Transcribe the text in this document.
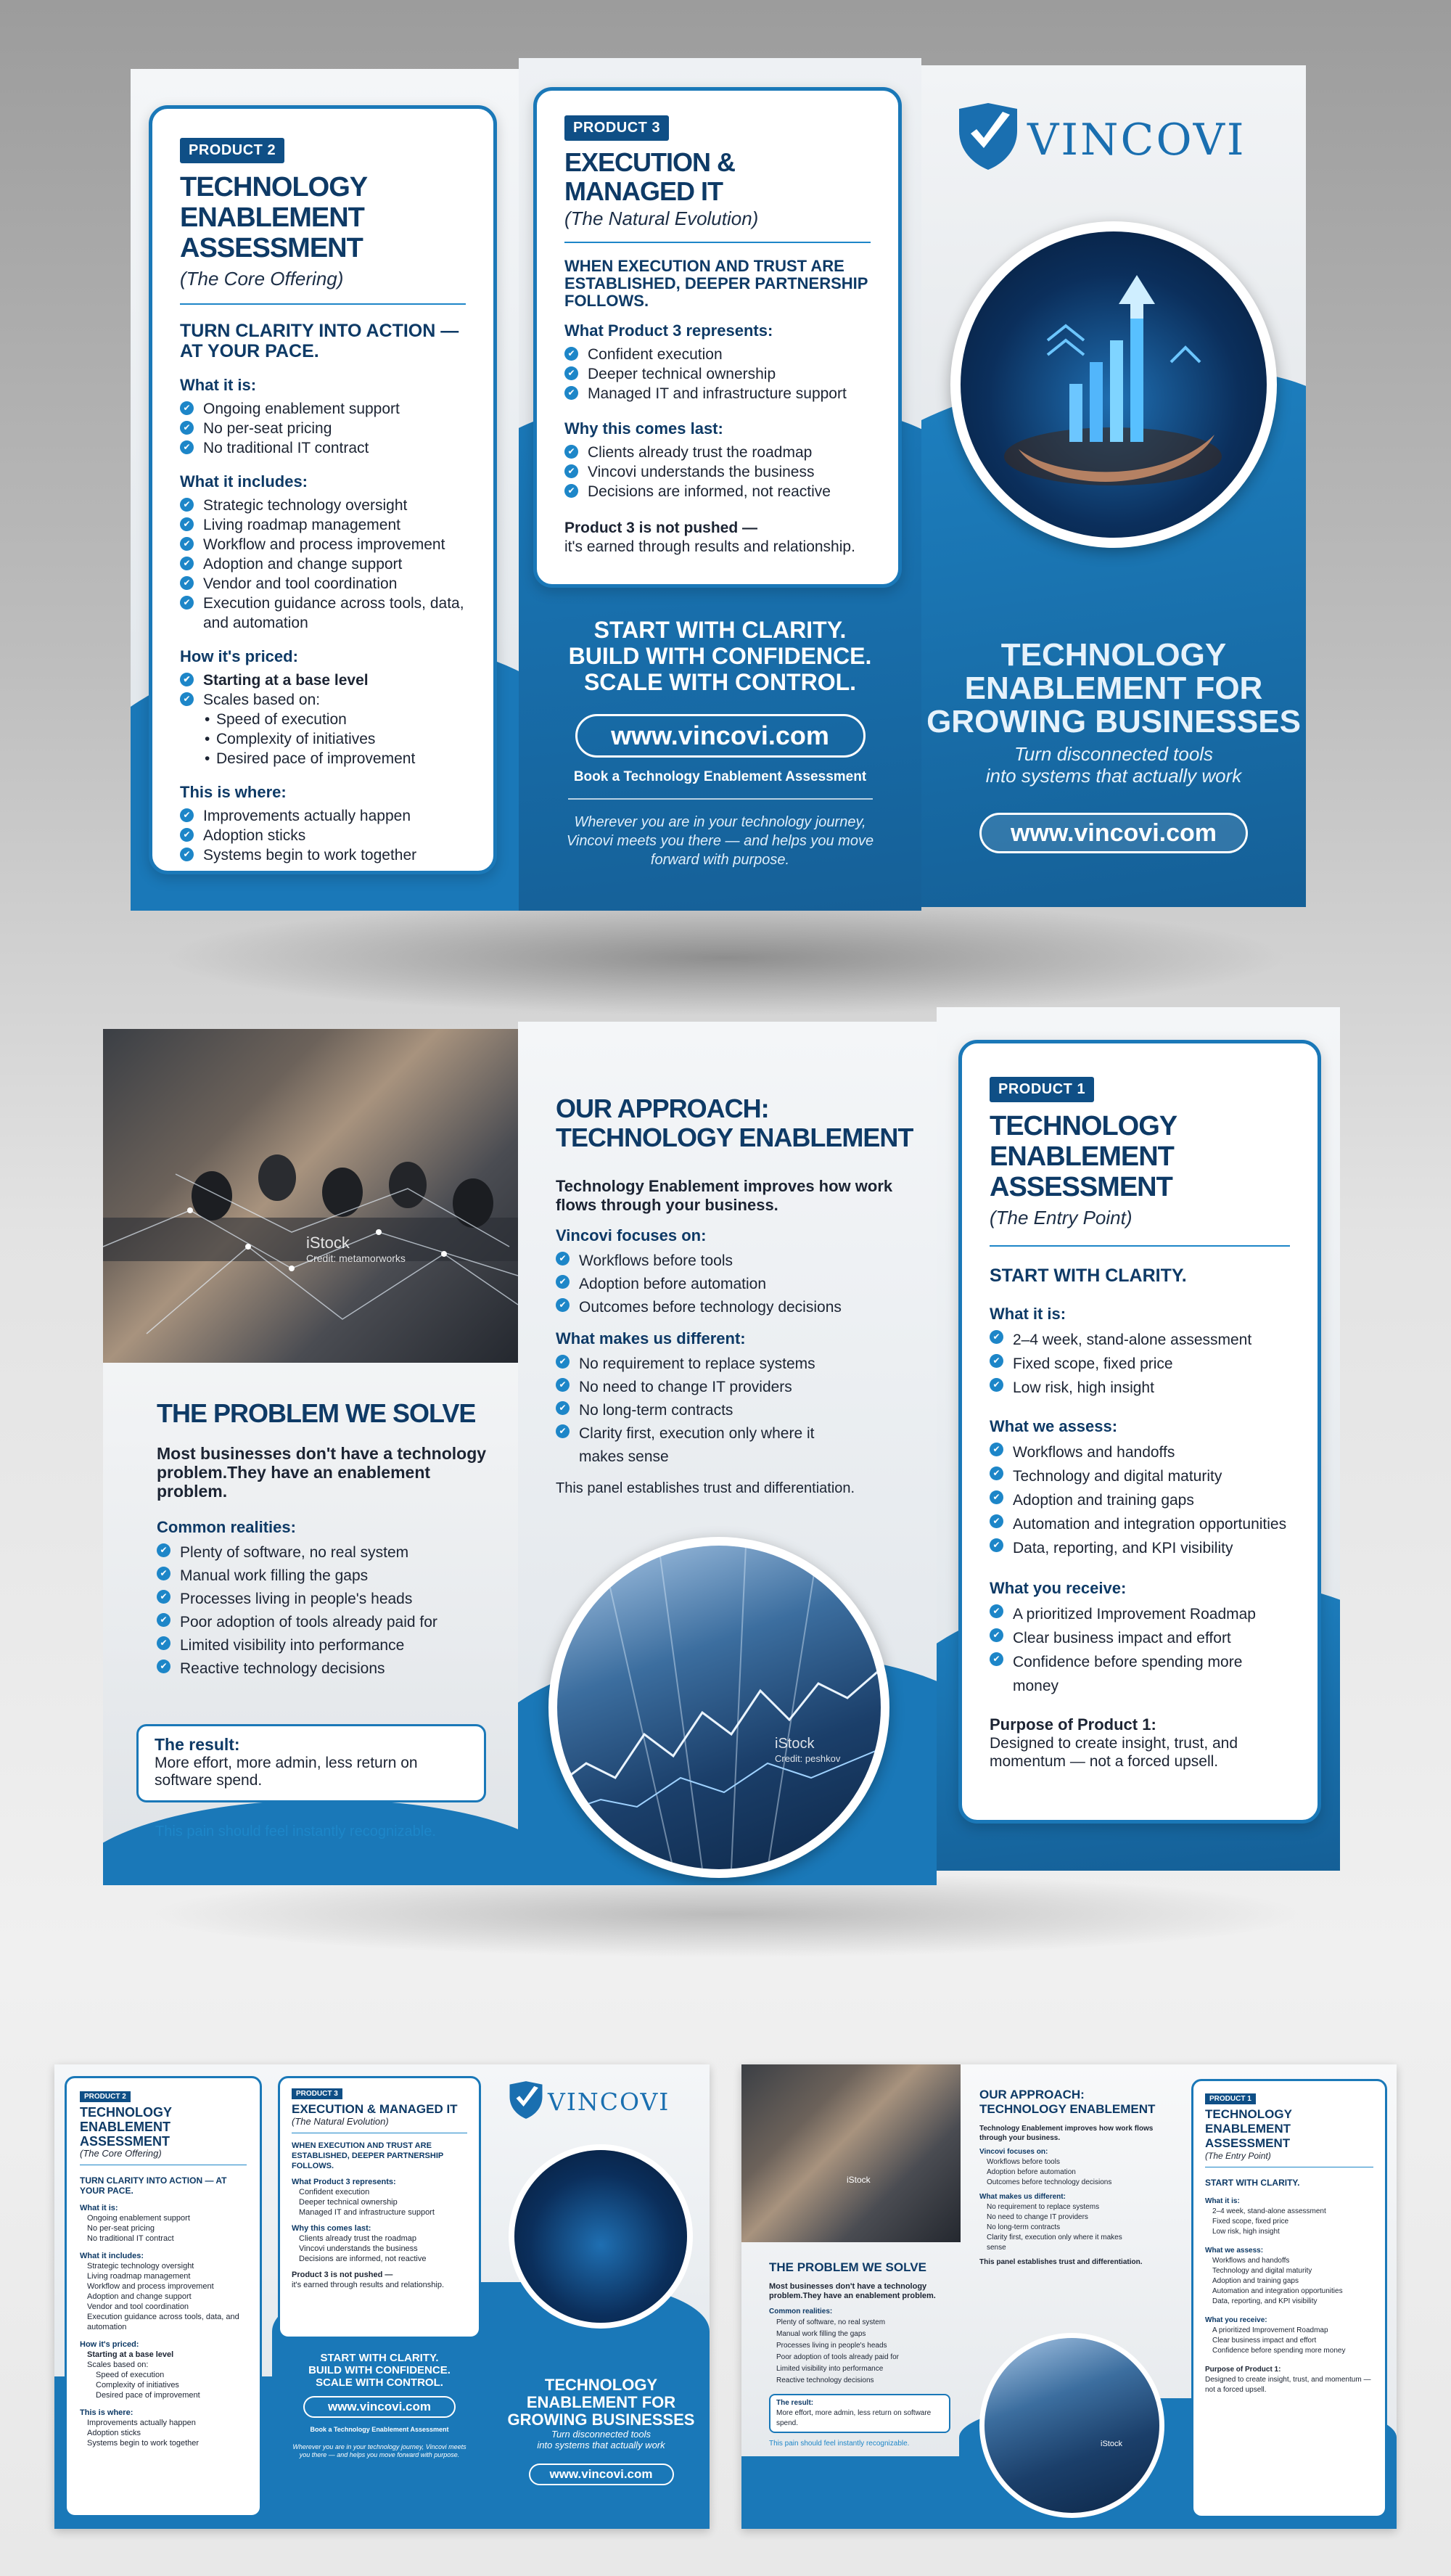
PRODUCT 2
TECHNOLOGY ENABLEMENT ASSESSMENT
(The Core Offering)
TURN CLARITY INTO ACTION — AT YOUR PACE.
What it is:
✔ Ongoing enablement support
✔ No per-seat pricing
✔ No traditional IT contract
What it includes:
✔ Strategic technology oversight
✔ Living roadmap management
✔ Workflow and process improvement
✔ Adoption and change support
✔ Vendor and tool coordination
✔ Execution guidance across tools, data, and automation
How it's priced:
✔ Starting at a base level
✔ Scales based on:
• Speed of execution
• Complexity of initiatives
• Desired pace of improvement
This is where:
✔ Improvements actually happen
✔ Adoption sticks
✔ Systems begin to work together
PRODUCT 3
EXECUTION & MANAGED IT
(The Natural Evolution)
WHEN EXECUTION AND TRUST ARE ESTABLISHED, DEEPER PARTNERSHIP FOLLOWS.
What Product 3 represents:
✔ Confident execution
✔ Deeper technical ownership
✔ Managed IT and infrastructure support
Why this comes last:
✔ Clients already trust the roadmap
✔ Vincovi understands the business
✔ Decisions are informed, not reactive
Product 3 is not pushed —
it's earned through results and relationship.
START WITH CLARITY.
BUILD WITH CONFIDENCE.
SCALE WITH CONTROL.
www.vincovi.com
Book a Technology Enablement Assessment
Wherever you are in your technology journey, Vincovi meets you there — and helps you move forward with purpose.
VINCOVI
TECHNOLOGY
ENABLEMENT FOR
GROWING BUSINESSES
Turn disconnected tools
into systems that actually work
www.vincovi.com
iStock
Credit: metamorworks
THE PROBLEM WE SOLVE
Most businesses don't have a technology problem.They have an enablement problem.
Common realities:
✔ Plenty of software, no real system
✔ Manual work filling the gaps
✔ Processes living in people's heads
✔ Poor adoption of tools already paid for
✔ Limited visibility into performance
✔ Reactive technology decisions
The result:
More effort, more admin, less return on software spend.
This pain should feel instantly recognizable.
OUR APPROACH:
TECHNOLOGY ENABLEMENT
Technology Enablement improves how work flows through your business.
Vincovi focuses on:
✔ Workflows before tools
✔ Adoption before automation
✔ Outcomes before technology decisions
What makes us different:
✔ No requirement to replace systems
✔ No need to change IT providers
✔ No long-term contracts
✔ Clarity first, execution only where it makes sense
This panel establishes trust and differentiation.
iStock
Credit: peshkov
PRODUCT 1
TECHNOLOGY ENABLEMENT ASSESSMENT
(The Entry Point)
START WITH CLARITY.
What it is:
✔ 2–4 week, stand-alone assessment
✔ Fixed scope, fixed price
✔ Low risk, high insight
What we assess:
✔ Workflows and handoffs
✔ Technology and digital maturity
✔ Adoption and training gaps
✔ Automation and integration opportunities
✔ Data, reporting, and KPI visibility
What you receive:
✔ A prioritized Improvement Roadmap
✔ Clear business impact and effort
✔ Confidence before spending more money
Purpose of Product 1:
Designed to create insight, trust, and momentum — not a forced upsell.
PRODUCT 2
TECHNOLOGY ENABLEMENT ASSESSMENT
(The Core Offering)
TURN CLARITY INTO ACTION — AT YOUR PACE.
What it is:
Ongoing enablement support
No per-seat pricing
No traditional IT contract
What it includes:
Strategic technology oversight
Living roadmap management
Workflow and process improvement
Adoption and change support
Vendor and tool coordination
Execution guidance across tools, data, and automation
How it's priced:
Starting at a base level
Scales based on:
Speed of execution
Complexity of initiatives
Desired pace of improvement
This is where:
Improvements actually happen
Adoption sticks
Systems begin to work together
PRODUCT 3
EXECUTION & MANAGED IT
(The Natural Evolution)
WHEN EXECUTION AND TRUST ARE ESTABLISHED, DEEPER PARTNERSHIP FOLLOWS.
What Product 3 represents:
Confident execution
Deeper technical ownership
Managed IT and infrastructure support
Why this comes last:
Clients already trust the roadmap
Vincovi understands the business
Decisions are informed, not reactive
Product 3 is not pushed —
it's earned through results and relationship.
START WITH CLARITY.
BUILD WITH CONFIDENCE.
SCALE WITH CONTROL.
www.vincovi.com
Book a Technology Enablement Assessment
Wherever you are in your technology journey, Vincovi meets you there — and helps you move forward with purpose.
VINCOVI
TECHNOLOGY
ENABLEMENT FOR
GROWING BUSINESSES
Turn disconnected tools
into systems that actually work
www.vincovi.com
iStock
THE PROBLEM WE SOLVE
Most businesses don't have a technology problem.They have an enablement problem.
Common realities:
Plenty of software, no real system
Manual work filling the gaps
Processes living in people's heads
Poor adoption of tools already paid for
Limited visibility into performance
Reactive technology decisions
The result:
More effort, more admin, less return on software spend.
This pain should feel instantly recognizable.
OUR APPROACH:
TECHNOLOGY ENABLEMENT
Technology Enablement improves how work flows through your business.
Vincovi focuses on:
Workflows before tools
Adoption before automation
Outcomes before technology decisions
What makes us different:
No requirement to replace systems
No need to change IT providers
No long-term contracts
Clarity first, execution only where it makes sense
This panel establishes trust and differentiation.
iStock
PRODUCT 1
TECHNOLOGY ENABLEMENT ASSESSMENT
(The Entry Point)
START WITH CLARITY.
What it is:
2–4 week, stand-alone assessment
Fixed scope, fixed price
Low risk, high insight
What we assess:
Workflows and handoffs
Technology and digital maturity
Adoption and training gaps
Automation and integration opportunities
Data, reporting, and KPI visibility
What you receive:
A prioritized Improvement Roadmap
Clear business impact and effort
Confidence before spending more money
Purpose of Product 1:
Designed to create insight, trust, and momentum — not a forced upsell.
